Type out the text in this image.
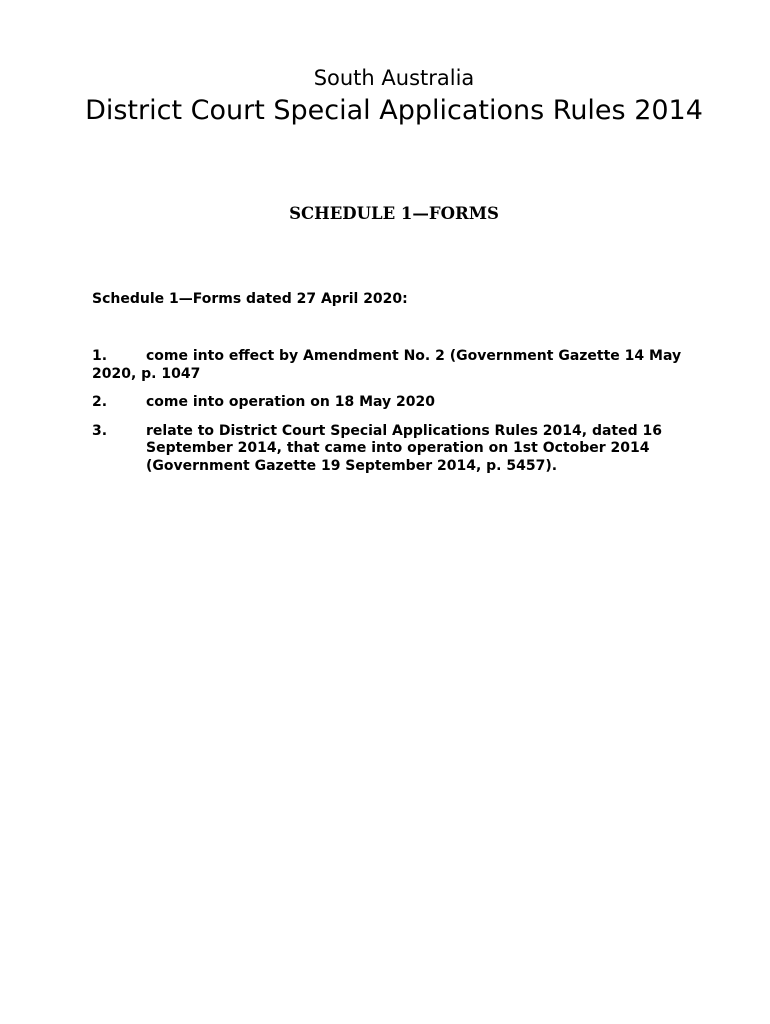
South Australia
District Court Special Applications Rules 2014
SCHEDULE 1—FORMS
Schedule 1—Forms dated 27 April 2020:
1.	come into effect by Amendment No. 2 (Government Gazette 14 May 2020, p. 1047
2.	come into operation on 18 May 2020
3.	relate to District Court Special Applications Rules 2014, dated 16 September 2014, that came into operation on 1st October 2014 (Government Gazette 19 September 2014, p. 5457).
